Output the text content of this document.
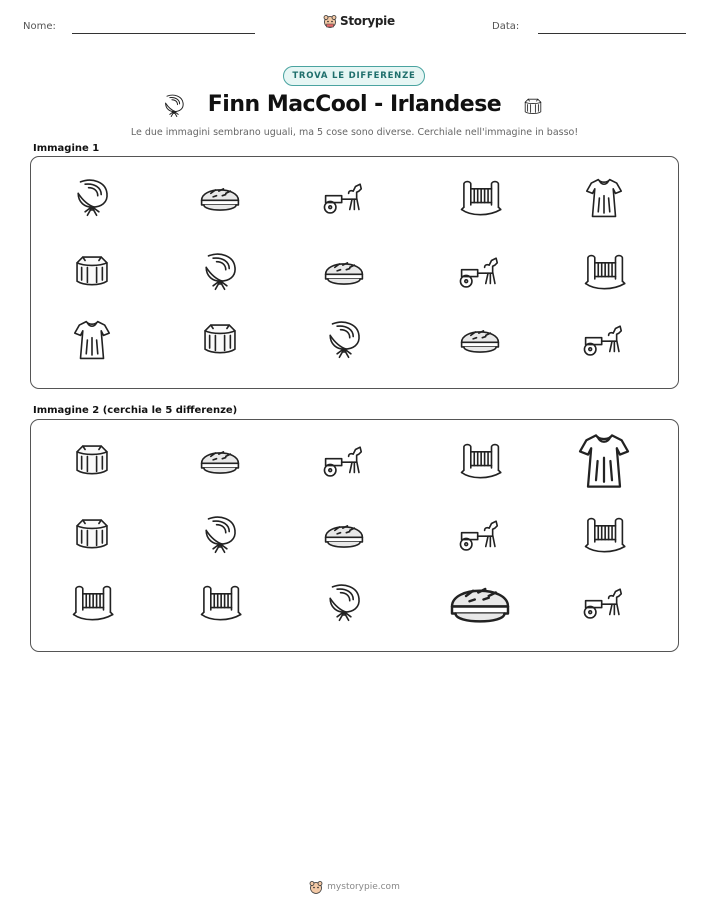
Nome:	Storypie	Data:
TROVA LE DIFFERENZE
Finn MacCool - Irlandese
Le due immagini sembrano uguali, ma 5 cose sono diverse. Cerchiale nell'immagine in basso!
Immagine 1
Immagine 2 (cerchia le 5 differenze)
mystorypie.com
